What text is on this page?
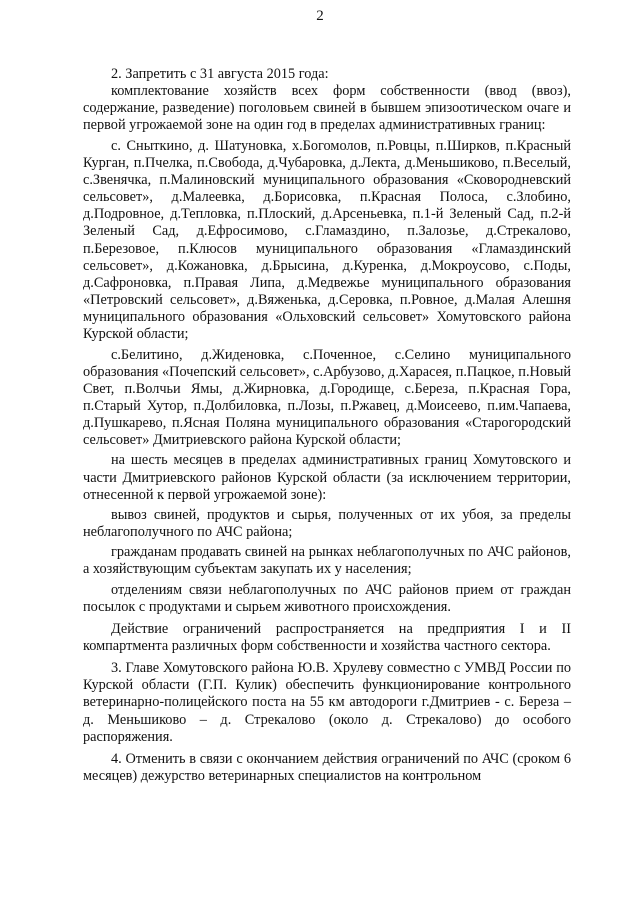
2

2. Запретить с 31 августа 2015 года:

комплектование хозяйств всех форм собственности (ввод (ввоз), содержание, разведение) поголовьем свиней в бывшем эпизоотическом очаге и первой угрожаемой зоне на один год в пределах административных границ:

с. Сныткино, д. Шатуновка, х.Богомолов, п.Ровцы, п.Ширков, п.Красный Курган, п.Пчелка, п.Свобода, д.Чубаровка, д.Лекта, д.Меньшиково, п.Веселый, с.Звенячка, п.Малиновский муниципального образования «Сковородневский сельсовет», д.Малеевка, д.Борисовка, п.Красная Полоса, с.Злобино, д.Подровное, д.Тепловка, п.Плоский, д.Арсеньевка, п.1-й Зеленый Сад, п.2-й Зеленый Сад, д.Ефросимово, с.Гламаздино, п.Залозье, д.Стрекалово, п.Березовое, п.Клюсов муниципального образования «Гламаздинский сельсовет», д.Кожановка, д.Брысина, д.Куренка, д.Мокроусово, с.Поды, д.Сафроновка, п.Правая Липа, д.Медвежье муниципального образования «Петровский сельсовет», д.Вяженька, д.Серовка, п.Ровное, д.Малая Алешня муниципального образования «Ольховский сельсовет» Хомутовского района Курской области;

с.Белитино, д.Жиденовка, с.Поченное, с.Селино муниципального образования «Почепский сельсовет», с.Арбузово, д.Харасея, п.Пацкое, п.Новый Свет, п.Волчьи Ямы, д.Жирновка, д.Городище, с.Береза, п.Красная Гора, п.Старый Хутор, п.Долбиловка, п.Лозы, п.Ржавец, д.Моисеево, п.им.Чапаева, д.Пушкарево, п.Ясная Поляна муниципального образования «Старогородский сельсовет» Дмитриевского района Курской области;

на шесть месяцев в пределах административных границ Хомутовского и части Дмитриевского районов Курской области (за исключением территории, отнесенной к первой угрожаемой зоне):

вывоз свиней, продуктов и сырья, полученных от их убоя, за пределы неблагополучного по АЧС района;

гражданам продавать свиней на рынках неблагополучных по АЧС районов, а хозяйствующим субъектам закупать их у населения;

отделениям связи неблагополучных по АЧС районов прием от граждан посылок с продуктами и сырьем животного происхождения.

Действие ограничений распространяется на предприятия I и II компартмента различных форм собственности и хозяйства частного сектора.

3. Главе Хомутовского района Ю.В. Хрулеву совместно с УМВД России по Курской области (Г.П. Кулик) обеспечить функционирование контрольного ветеринарно-полицейского поста на 55 км автодороги г.Дмитриев - с. Береза – д. Меньшиково – д. Стрекалово (около д. Стрекалово) до особого распоряжения.

4. Отменить в связи с окончанием действия ограничений по АЧС (сроком 6 месяцев) дежурство ветеринарных специалистов на контрольном
